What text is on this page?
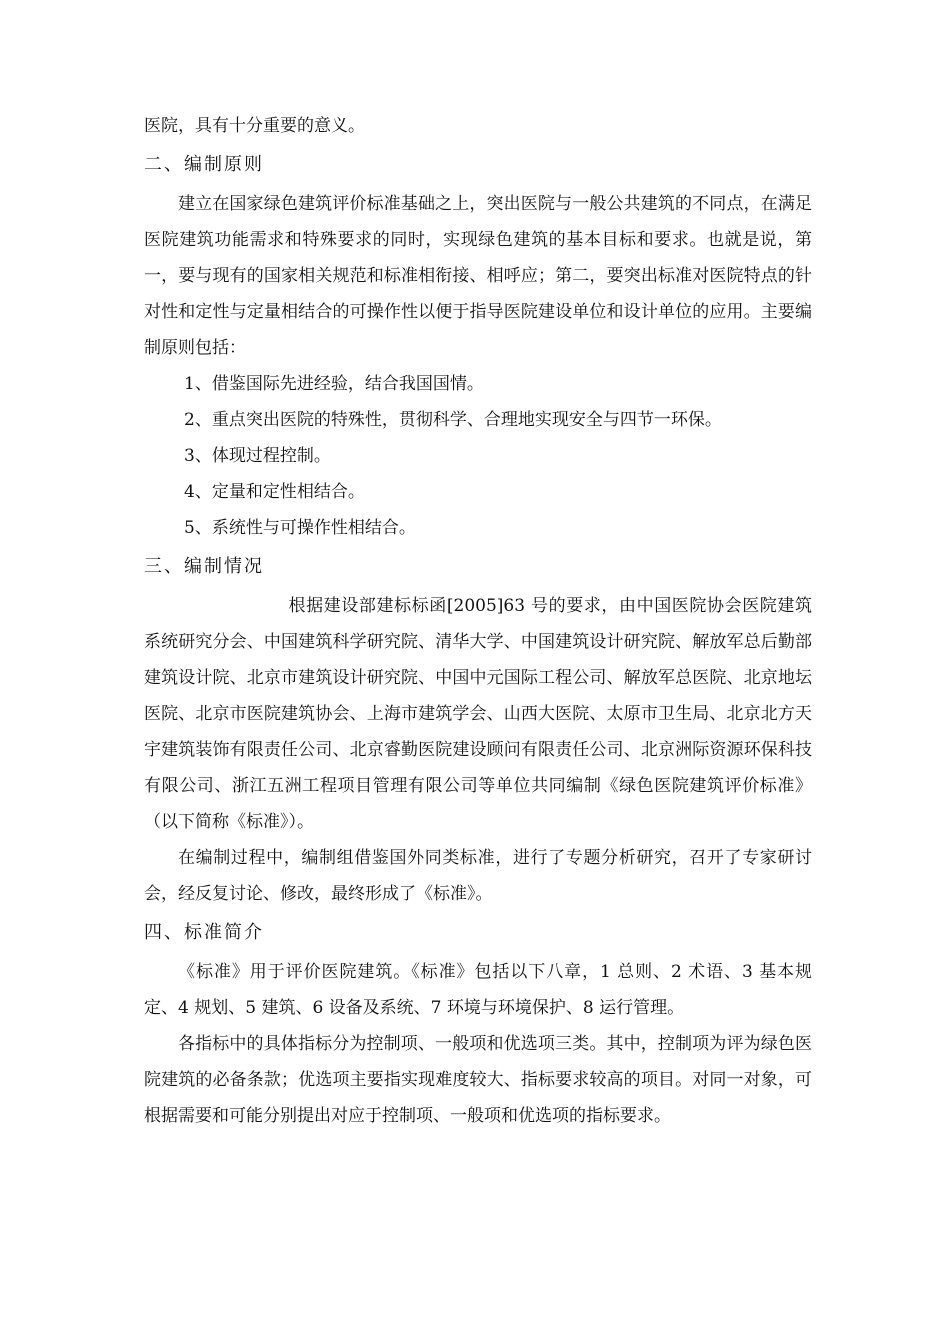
医院，具有十分重要的意义。

二、编制原则

建立在国家绿色建筑评价标准基础之上，突出医院与一般公共建筑的不同点，在满足医院建筑功能需求和特殊要求的同时，实现绿色建筑的基本目标和要求。也就是说，第一，要与现有的国家相关规范和标准相衔接、相呼应；第二，要突出标准对医院特点的针对性和定性与定量相结合的可操作性以便于指导医院建设单位和设计单位的应用。主要编制原则包括：

1、借鉴国际先进经验，结合我国国情。

2、重点突出医院的特殊性，贯彻科学、合理地实现安全与四节一环保。

3、体现过程控制。

4、定量和定性相结合。

5、系统性与可操作性相结合。

三、编制情况

根据建设部建标标函[2005]63 号的要求，由中国医院协会医院建筑系统研究分会、中国建筑科学研究院、清华大学、中国建筑设计研究院、解放军总后勤部建筑设计院、北京市建筑设计研究院、中国中元国际工程公司、解放军总医院、北京地坛医院、北京市医院建筑协会、上海市建筑学会、山西大医院、太原市卫生局、北京北方天宇建筑装饰有限责任公司、北京睿勤医院建设顾问有限责任公司、北京洲际资源环保科技有限公司、浙江五洲工程项目管理有限公司等单位共同编制《绿色医院建筑评价标准》（以下简称《标准》）。

在编制过程中，编制组借鉴国外同类标准，进行了专题分析研究，召开了专家研讨会，经反复讨论、修改，最终形成了《标准》。

四、标准简介

《标准》用于评价医院建筑。《标准》包括以下八章，1 总则、2 术语、3 基本规定、4 规划、5 建筑、6 设备及系统、7 环境与环境保护、8 运行管理。

各指标中的具体指标分为控制项、一般项和优选项三类。其中，控制项为评为绿色医院建筑的必备条款；优选项主要指实现难度较大、指标要求较高的项目。对同一对象，可根据需要和可能分别提出对应于控制项、一般项和优选项的指标要求。
